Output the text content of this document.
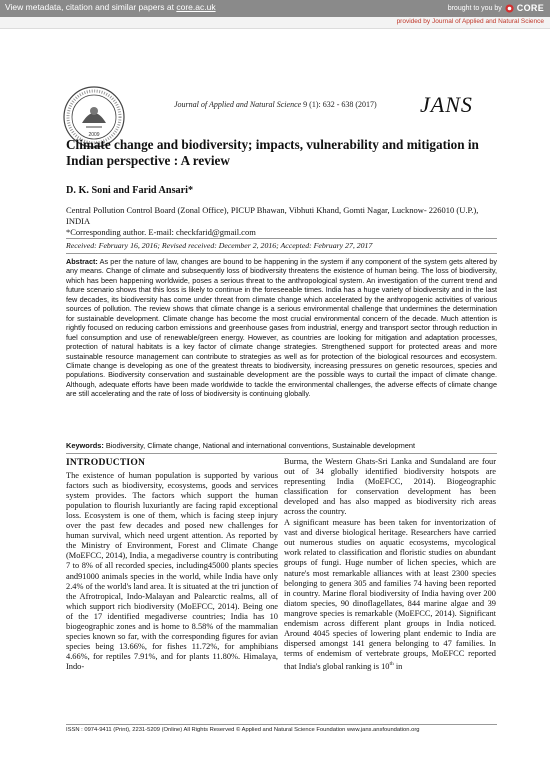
View metadata, citation and similar papers at core.ac.uk	brought to you by CORE
provided by Journal of Applied and Natural Science
2009
Journal of Applied and Natural Science 9 (1): 632 - 638 (2017) JANS
Climate change and biodiversity; impacts, vulnerability and mitigation in Indian perspective : A review
D. K. Soni and Farid Ansari*
Central Pollution Control Board (Zonal Office), PICUP Bhawan, Vibhuti Khand, Gomti Nagar, Lucknow- 226010 (U.P.), INDIA
*Corresponding author. E-mail: checkfarid@gmail.com
Received: February 16, 2016; Revised received: December 2, 2016; Accepted: February 27, 2017
Abstract: As per the nature of law, changes are bound to be happening in the system if any component of the system gets altered by any means. Change of climate and subsequently loss of biodiversity threatens the existence of human being. The loss of biodiversity, which has been happening worldwide, poses a serious threat to the anthropological system. An investigation of the current trend and future scenario shows that this loss is likely to continue in the foreseeable times. India has a huge variety of biodiversity and in the last few decades, its biodiversity has come under threat from climate change which accelerated by the anthropogenic activities of various sources of pollution. The review shows that climate change is a serious environmental challenge that undermines the determination for sustainable development. Climate change has become the most crucial environmental concern of the decade. Much attention is rightly focused on reducing carbon emissions and greenhouse gases from industrial, energy and transport sector through reduction in fuel consumption and use of renewable/green energy. However, as countries are looking for mitigation and adaptation processes, protection of natural habitats is a key factor of climate change strategies. Strengthened support for protected areas and more sustainable resource management can contribute to strategies as well as for protection of the biological resources and ecosystem. Climate change is developing as one of the greatest threats to biodiversity, increasing pressures on genetic resources, species and populations. Biodiversity conservation and sustainable development are the possible ways to curtail the impact of climate change. Although, adequate efforts have been made worldwide to tackle the environmental challenges, the adverse effects of climate change are still accelerating and the rate of loss of biodiversity is continuing globally.
Keywords: Biodiversity, Climate change, National and international conventions, Sustainable development
INTRODUCTION

The existence of human population is supported by various factors such as biodiversity, ecosystems, goods and services system provides. The factors which support the human population to flourish luxuriantly are facing rapid exceptional loss. Ecosystem is one of them, which is facing steep injury over the past few decades and posed new challenges for human survival, which need urgent attention. As reported by the Ministry of Environment, Forest and Climate Change (MoEFCC, 2014), India, a megadiverse country is contributing 7 to 8% of all recorded species, including45000 plants species and91000 animals species in the world, while India have only 2.4% of the world's land area. It is situated at the tri junction of the Afrotropical, Indo-Malayan and Palearctic realms, all of which support rich biodiversity (MoEFCC, 2014). Being one of the 17 identified megadiverse countries; India has 10 biogeographic zones and is home to 8.58% of the mammalian species known so far, with the corresponding figures for avian species being 13.66%, for fishes 11.72%, for amphibians 4.66%, for reptiles 7.91%, and for plants 11.80%. Himalaya, Indo-

Burma, the Western Ghats-Sri Lanka and Sundaland are four out of 34 globally identified biodiversity hotspots are representing India (MoEFCC, 2014). Biogeographic classification for conservation development has been developed and has also mapped as biodiversity rich areas across the country.

A significant measure has been taken for inventorization of vast and diverse biological heritage. Researchers have carried out numerous studies on aquatic ecosystems, mycological work related to classification and floristic studies on abundant groups of fungi. Huge number of lichen species, which are nature's most remarkable alliances with at least 2300 species belonging to genera 305 and families 74 having been reported in country. Marine floral biodiversity of India having over 200 diatom species, 90 dinoflagellates, 844 marine algae and 39 mangrove species is remarkable (MoEFCC, 2014). Significant endemism across different plant groups in India noticed. Around 4045 species of lowering plant endemic to India are dispersed amongst 141 genera belonging to 47 families. In terms of endemism of vertebrate groups, MoEFCC reported that India's global ranking is 10th in

ISSN : 0974-9411 (Print), 2231-5209 (Online) All Rights Reserved © Applied and Natural Science Foundation www.jans.ansfoundation.org
